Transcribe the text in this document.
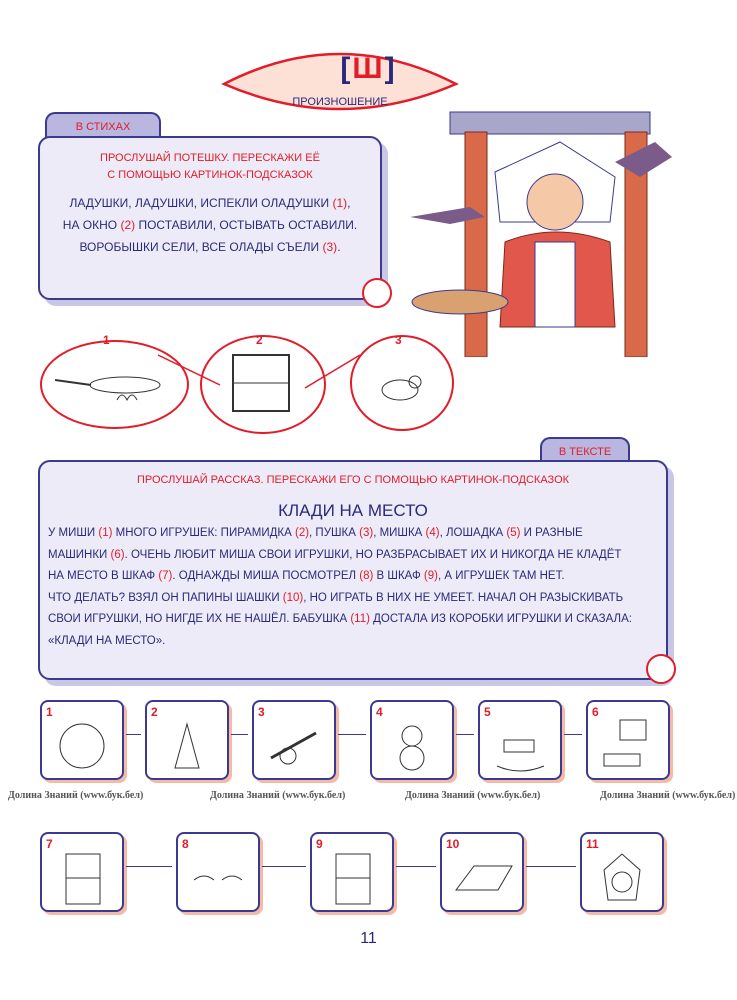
[Ш]
ПРОИЗНОШЕНИЕ
В СТИХАХ
ПРОСЛУШАЙ ПОТЕШКУ. ПЕРЕСКАЖИ ЕЁ
С ПОМОЩЬЮ КАРТИНОК-ПОДСКАЗОК
ЛАДУШКИ, ЛАДУШКИ, ИСПЕКЛИ ОЛАДУШКИ (1),
НА ОКНО (2) ПОСТАВИЛИ, ОСТЫВАТЬ ОСТАВИЛИ.
ВОРОБЫШКИ СЕЛИ, ВСЕ ОЛАДЫ СЪЕЛИ (3).
1	2	3
В ТЕКСТЕ
ПРОСЛУШАЙ РАССКАЗ. ПЕРЕСКАЖИ ЕГО С ПОМОЩЬЮ КАРТИНОК-ПОДСКАЗОК
КЛАДИ НА МЕСТО
У МИШИ (1) МНОГО ИГРУШЕК: ПИРАМИДКА (2), ПУШКА (3), МИШКА (4), ЛОШАДКА (5) И РАЗНЫЕ
МАШИНКИ (6). ОЧЕНЬ ЛЮБИТ МИША СВОИ ИГРУШКИ, НО РАЗБРАСЫВАЕТ ИХ И НИКОГДА НЕ КЛАДЁТ
НА МЕСТО В ШКАФ (7). ОДНАЖДЫ МИША ПОСМОТРЕЛ (8) В ШКАФ (9), А ИГРУШЕК ТАМ НЕТ.
ЧТО ДЕЛАТЬ? ВЗЯЛ ОН ПАПИНЫ ШАШКИ (10), НО ИГРАТЬ В НИХ НЕ УМЕЕТ. НАЧАЛ ОН РАЗЫСКИВАТЬ
СВОИ ИГРУШКИ, НО НИГДЕ ИХ НЕ НАШЁЛ. БАБУШКА (11) ДОСТАЛА ИЗ КОРОБКИ ИГРУШКИ И СКАЗАЛА:
«КЛАДИ НА МЕСТО».
1	2	3	4	5	6
7	8	9	10	11
Долина Знаний (www.бук.бел)	Долина Знаний (www.бук.бел)	Долина Знаний (www.бук.бел)	Долина Знаний (www.бук.бел)
11
